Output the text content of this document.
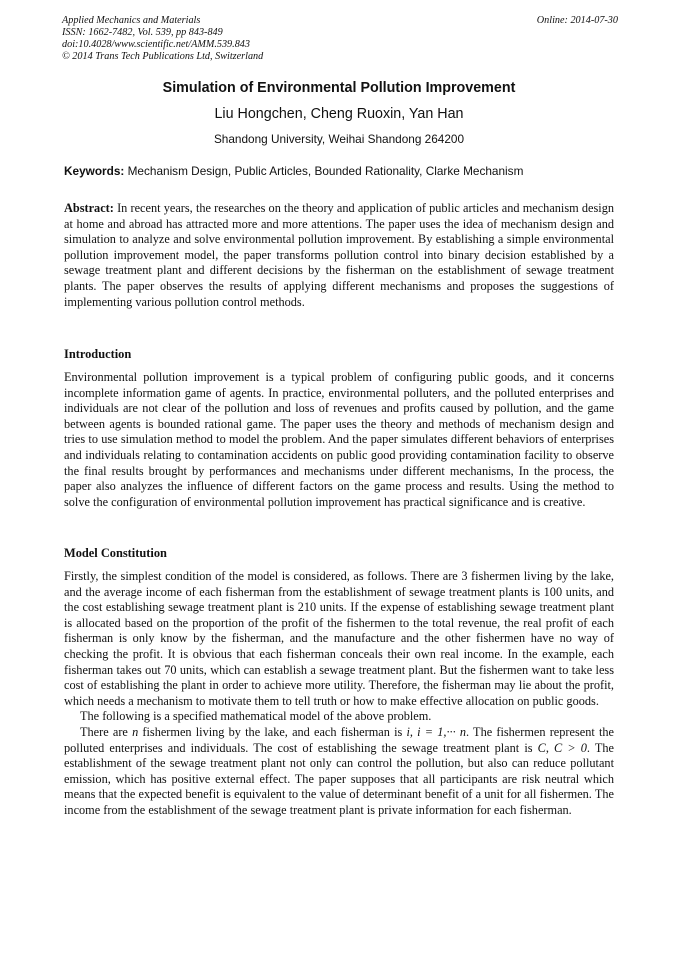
Applied Mechanics and Materials
ISSN: 1662-7482, Vol. 539, pp 843-849
doi:10.4028/www.scientific.net/AMM.539.843
© 2014 Trans Tech Publications Ltd, Switzerland
Online: 2014-07-30
Simulation of Environmental Pollution Improvement
Liu Hongchen, Cheng Ruoxin, Yan Han
Shandong University, Weihai Shandong 264200
Keywords: Mechanism Design, Public Articles, Bounded Rationality, Clarke Mechanism
Abstract: In recent years, the researches on the theory and application of public articles and mechanism design at home and abroad has attracted more and more attentions. The paper uses the idea of mechanism design and simulation to analyze and solve environmental pollution improvement. By establishing a simple environmental pollution improvement model, the paper transforms pollution control into binary decision established by a sewage treatment plant and different decisions by the fisherman on the establishment of sewage treatment plants. The paper observes the results of applying different mechanisms and proposes the suggestions of implementing various pollution control methods.
Introduction
Environmental pollution improvement is a typical problem of configuring public goods, and it concerns incomplete information game of agents. In practice, environmental polluters, and the polluted enterprises and individuals are not clear of the pollution and loss of revenues and profits caused by pollution, and the game between agents is bounded rational game. The paper uses the theory and methods of mechanism design and tries to use simulation method to model the problem. And the paper simulates different behaviors of enterprises and individuals relating to contamination accidents on public good providing contamination facility to observe the final results brought by performances and mechanisms under different mechanisms, In the process, the paper also analyzes the influence of different factors on the game process and results. Using the method to solve the configuration of environmental pollution improvement has practical significance and is creative.
Model Constitution

Firstly, the simplest condition of the model is considered, as follows. There are 3 fishermen living by the lake, and the average income of each fisherman from the establishment of sewage treatment plants is 100 units, and the cost establishing sewage treatment plant is 210 units. If the expense of establishing sewage treatment plant is allocated based on the proportion of the profit of the fishermen to the total revenue, the real profit of each fisherman is only know by the fisherman, and the manufacture and the other fishermen have no way of checking the profit. It is obvious that each fisherman conceals their own real income. In the example, each fisherman takes out 70 units, which can establish a sewage treatment plant. But the fishermen want to take less cost of establishing the plant in order to achieve more utility. Therefore, the fisherman may lie about the profit, which needs a mechanism to motivate them to tell truth or how to make effective allocation on public goods.

The following is a specified mathematical model of the above problem.

There are n fishermen living by the lake, and each fisherman is i, i = 1,··· n. The fishermen represent the polluted enterprises and individuals. The cost of establishing the sewage treatment plant is C, C > 0. The establishment of the sewage treatment plant not only can control the pollution, but also can reduce pollutant emission, which has positive external effect. The paper supposes that all participants are risk neutral which means that the expected benefit is equivalent to the value of determinant benefit of a unit for all fishermen. The income from the establishment of the sewage treatment plant is private information for each fisherman.
